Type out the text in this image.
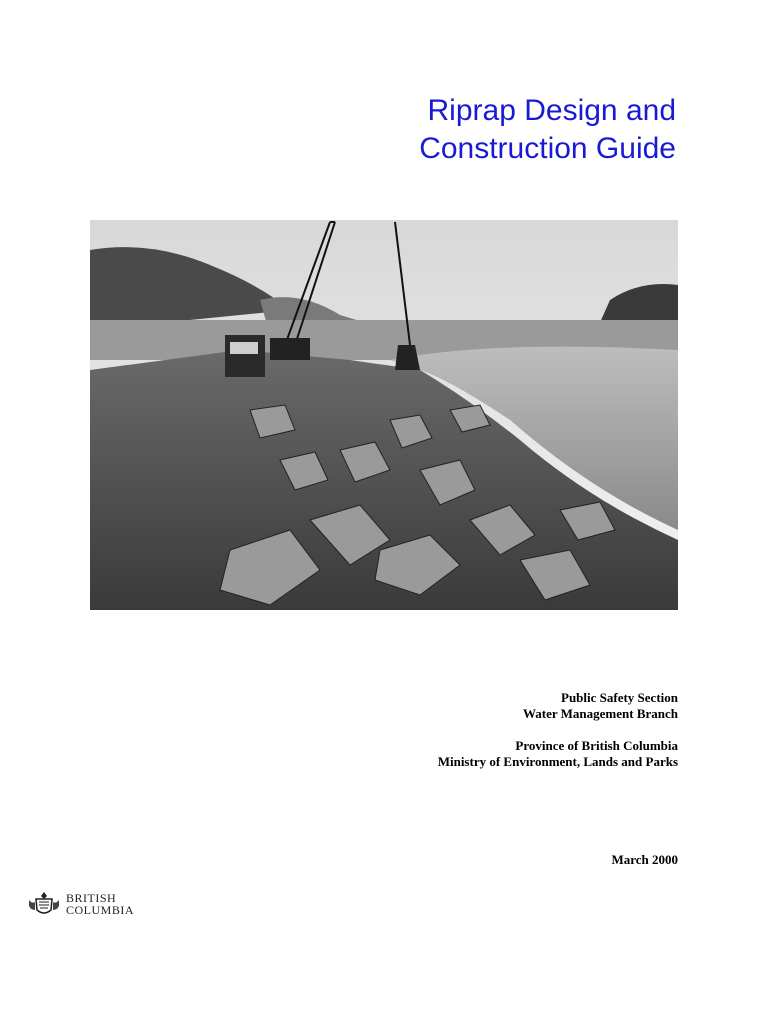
Riprap Design and
Construction Guide
Public Safety Section
Water Management Branch
Province of British Columbia
Ministry of Environment, Lands and Parks
March 2000
BRITISH
COLUMBIA
